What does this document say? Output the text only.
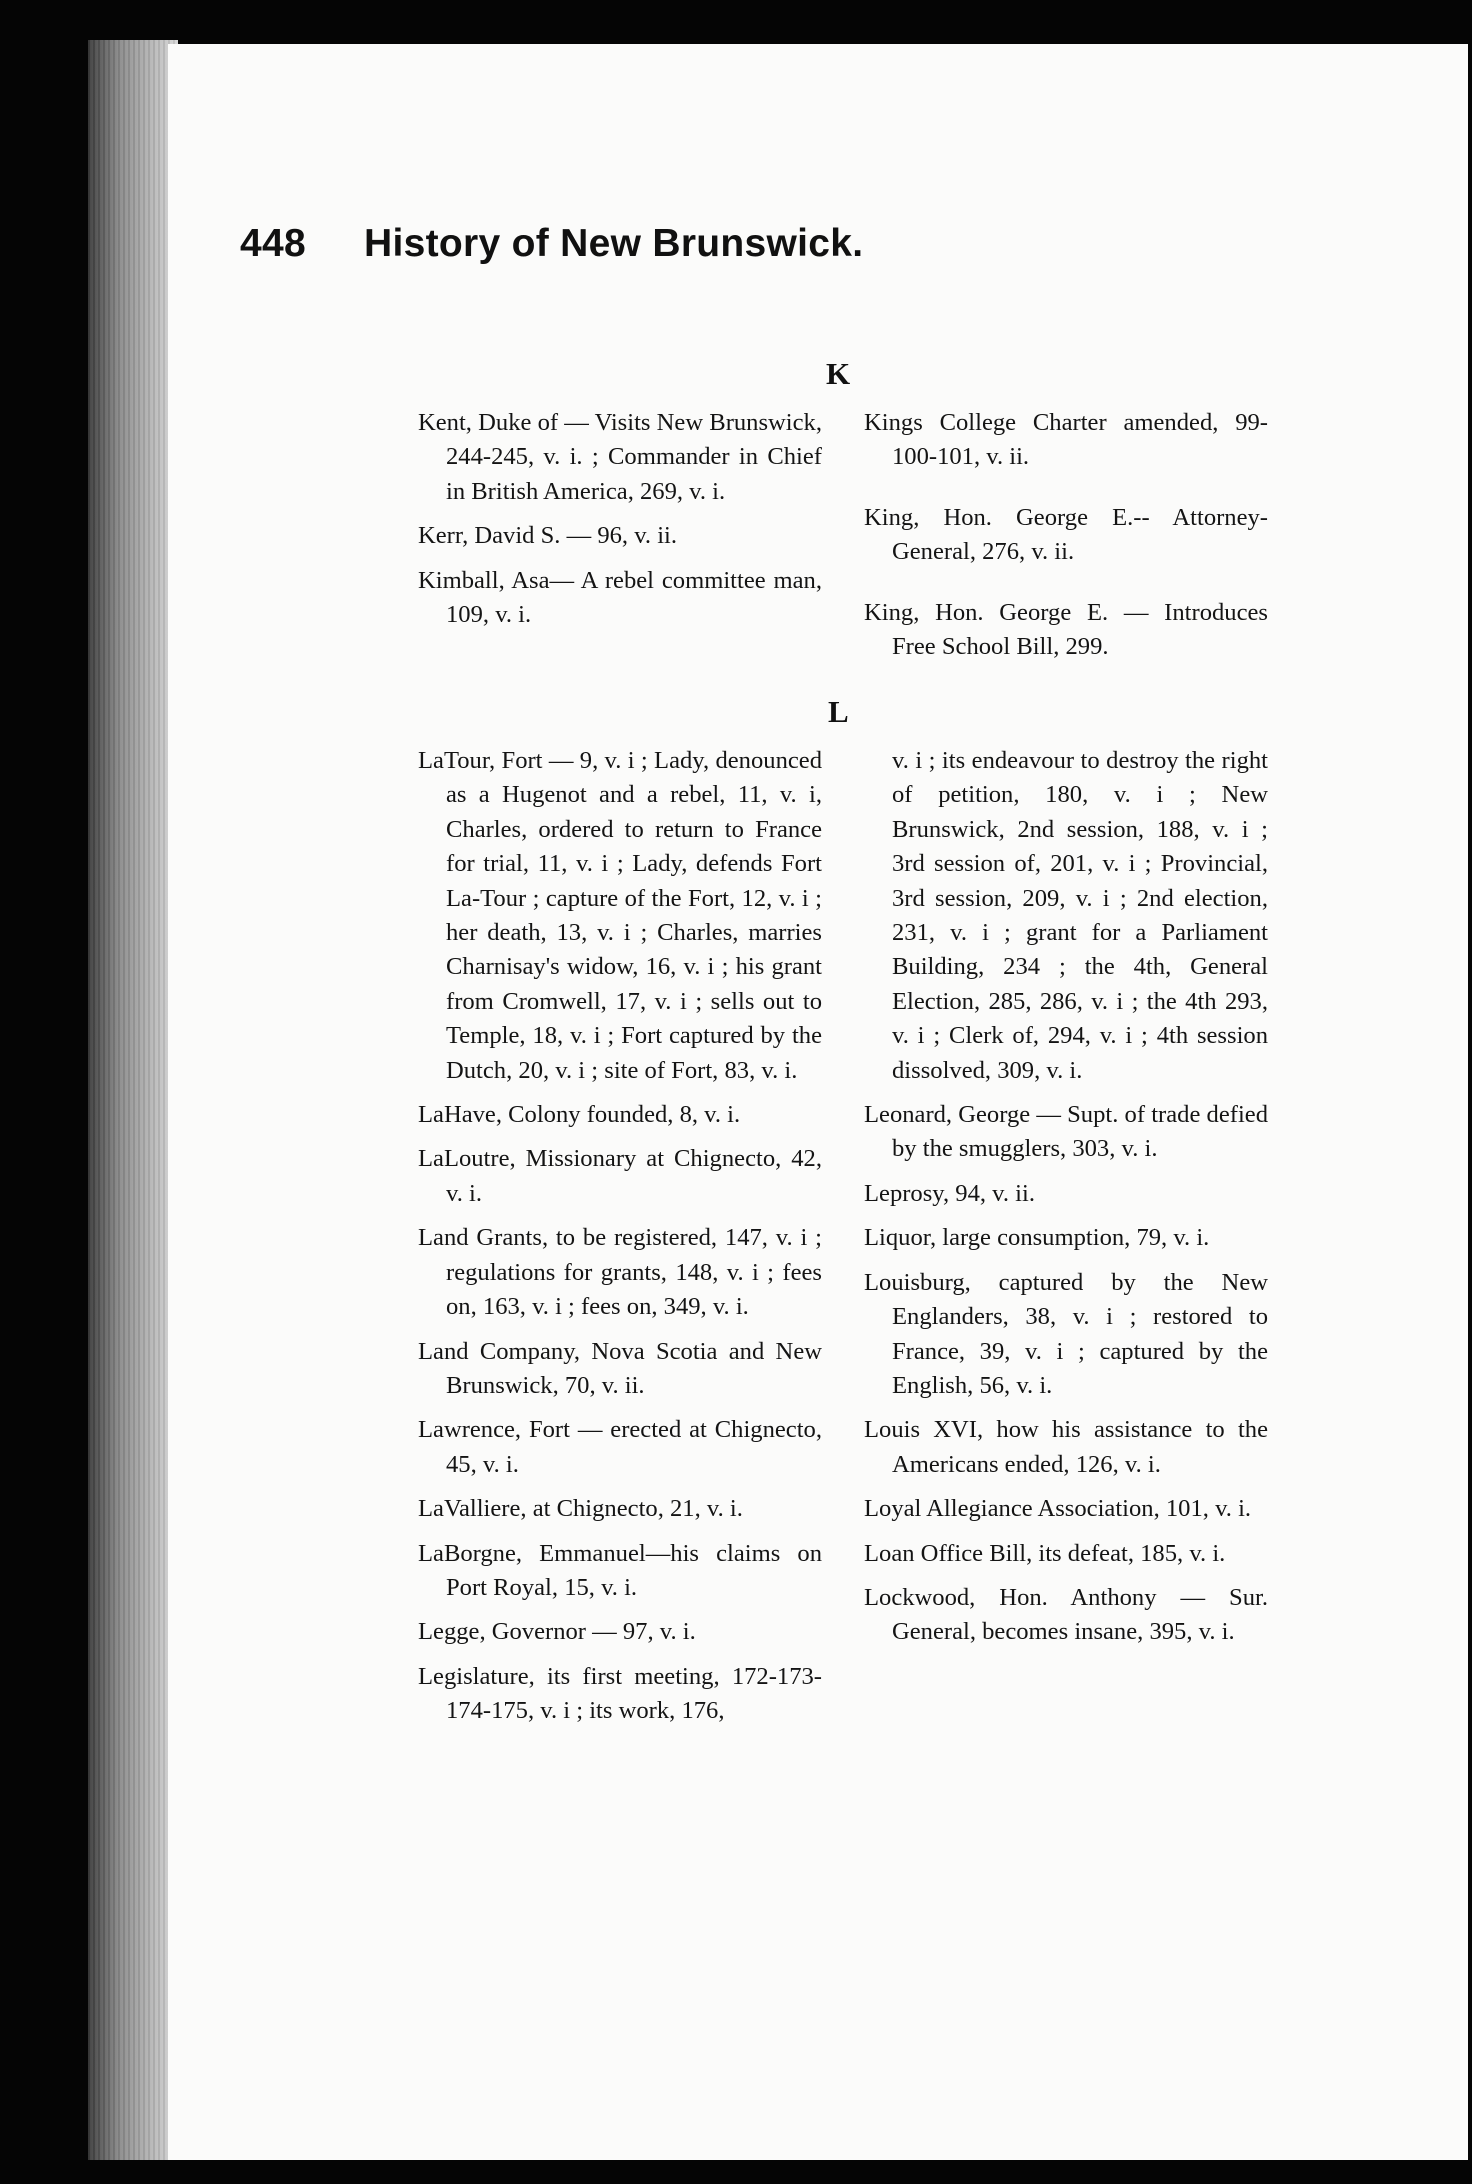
448 History of New Brunswick.
K

Kent, Duke of — Visits New Brunswick, 244-245, v. i. ; Commander in Chief in British America, 269, v. i.

Kerr, David S. — 96, v. ii.

Kimball, Asa— A rebel committee man, 109, v. i.

Kings College Charter amended, 99-100-101, v. ii.

King, Hon. George E.-- Attorney-General, 276, v. ii.

King, Hon. George E. — Introduces Free School Bill, 299.

L

LaTour, Fort — 9, v. i ; Lady, denounced as a Hugenot and a rebel, 11, v. i, Charles, ordered to return to France for trial, 11, v. i ; Lady, defends Fort La-Tour ; capture of the Fort, 12, v. i ; her death, 13, v. i ; Charles, marries Charnisay's widow, 16, v. i ; his grant from Cromwell, 17, v. i ; sells out to Temple, 18, v. i ; Fort captured by the Dutch, 20, v. i ; site of Fort, 83, v. i.

LaHave, Colony founded, 8, v. i.

LaLoutre, Missionary at Chignecto, 42, v. i.

Land Grants, to be registered, 147, v. i ; regulations for grants, 148, v. i ; fees on, 163, v. i ; fees on, 349, v. i.

Land Company, Nova Scotia and New Brunswick, 70, v. ii.

Lawrence, Fort — erected at Chignecto, 45, v. i.

LaValliere, at Chignecto, 21, v. i.

LaBorgne, Emmanuel—his claims on Port Royal, 15, v. i.

Legge, Governor — 97, v. i.

Legislature, its first meeting, 172-173-174-175, v. i ; its work, 176,

v. i ; its endeavour to destroy the right of petition, 180, v. i ; New Brunswick, 2nd session, 188, v. i ; 3rd session of, 201, v. i ; Provincial, 3rd session, 209, v. i ; 2nd election, 231, v. i ; grant for a Parliament Building, 234 ; the 4th, General Election, 285, 286, v. i ; the 4th 293, v. i ; Clerk of, 294, v. i ; 4th session dissolved, 309, v. i.

Leonard, George — Supt. of trade defied by the smugglers, 303, v. i.

Leprosy, 94, v. ii.

Liquor, large consumption, 79, v. i.

Louisburg, captured by the New Englanders, 38, v. i ; restored to France, 39, v. i ; captured by the English, 56, v. i.

Louis XVI, how his assistance to the Americans ended, 126, v. i.

Loyal Allegiance Association, 101, v. i.

Loan Office Bill, its defeat, 185, v. i.

Lockwood, Hon. Anthony — Sur. General, becomes insane, 395, v. i.
